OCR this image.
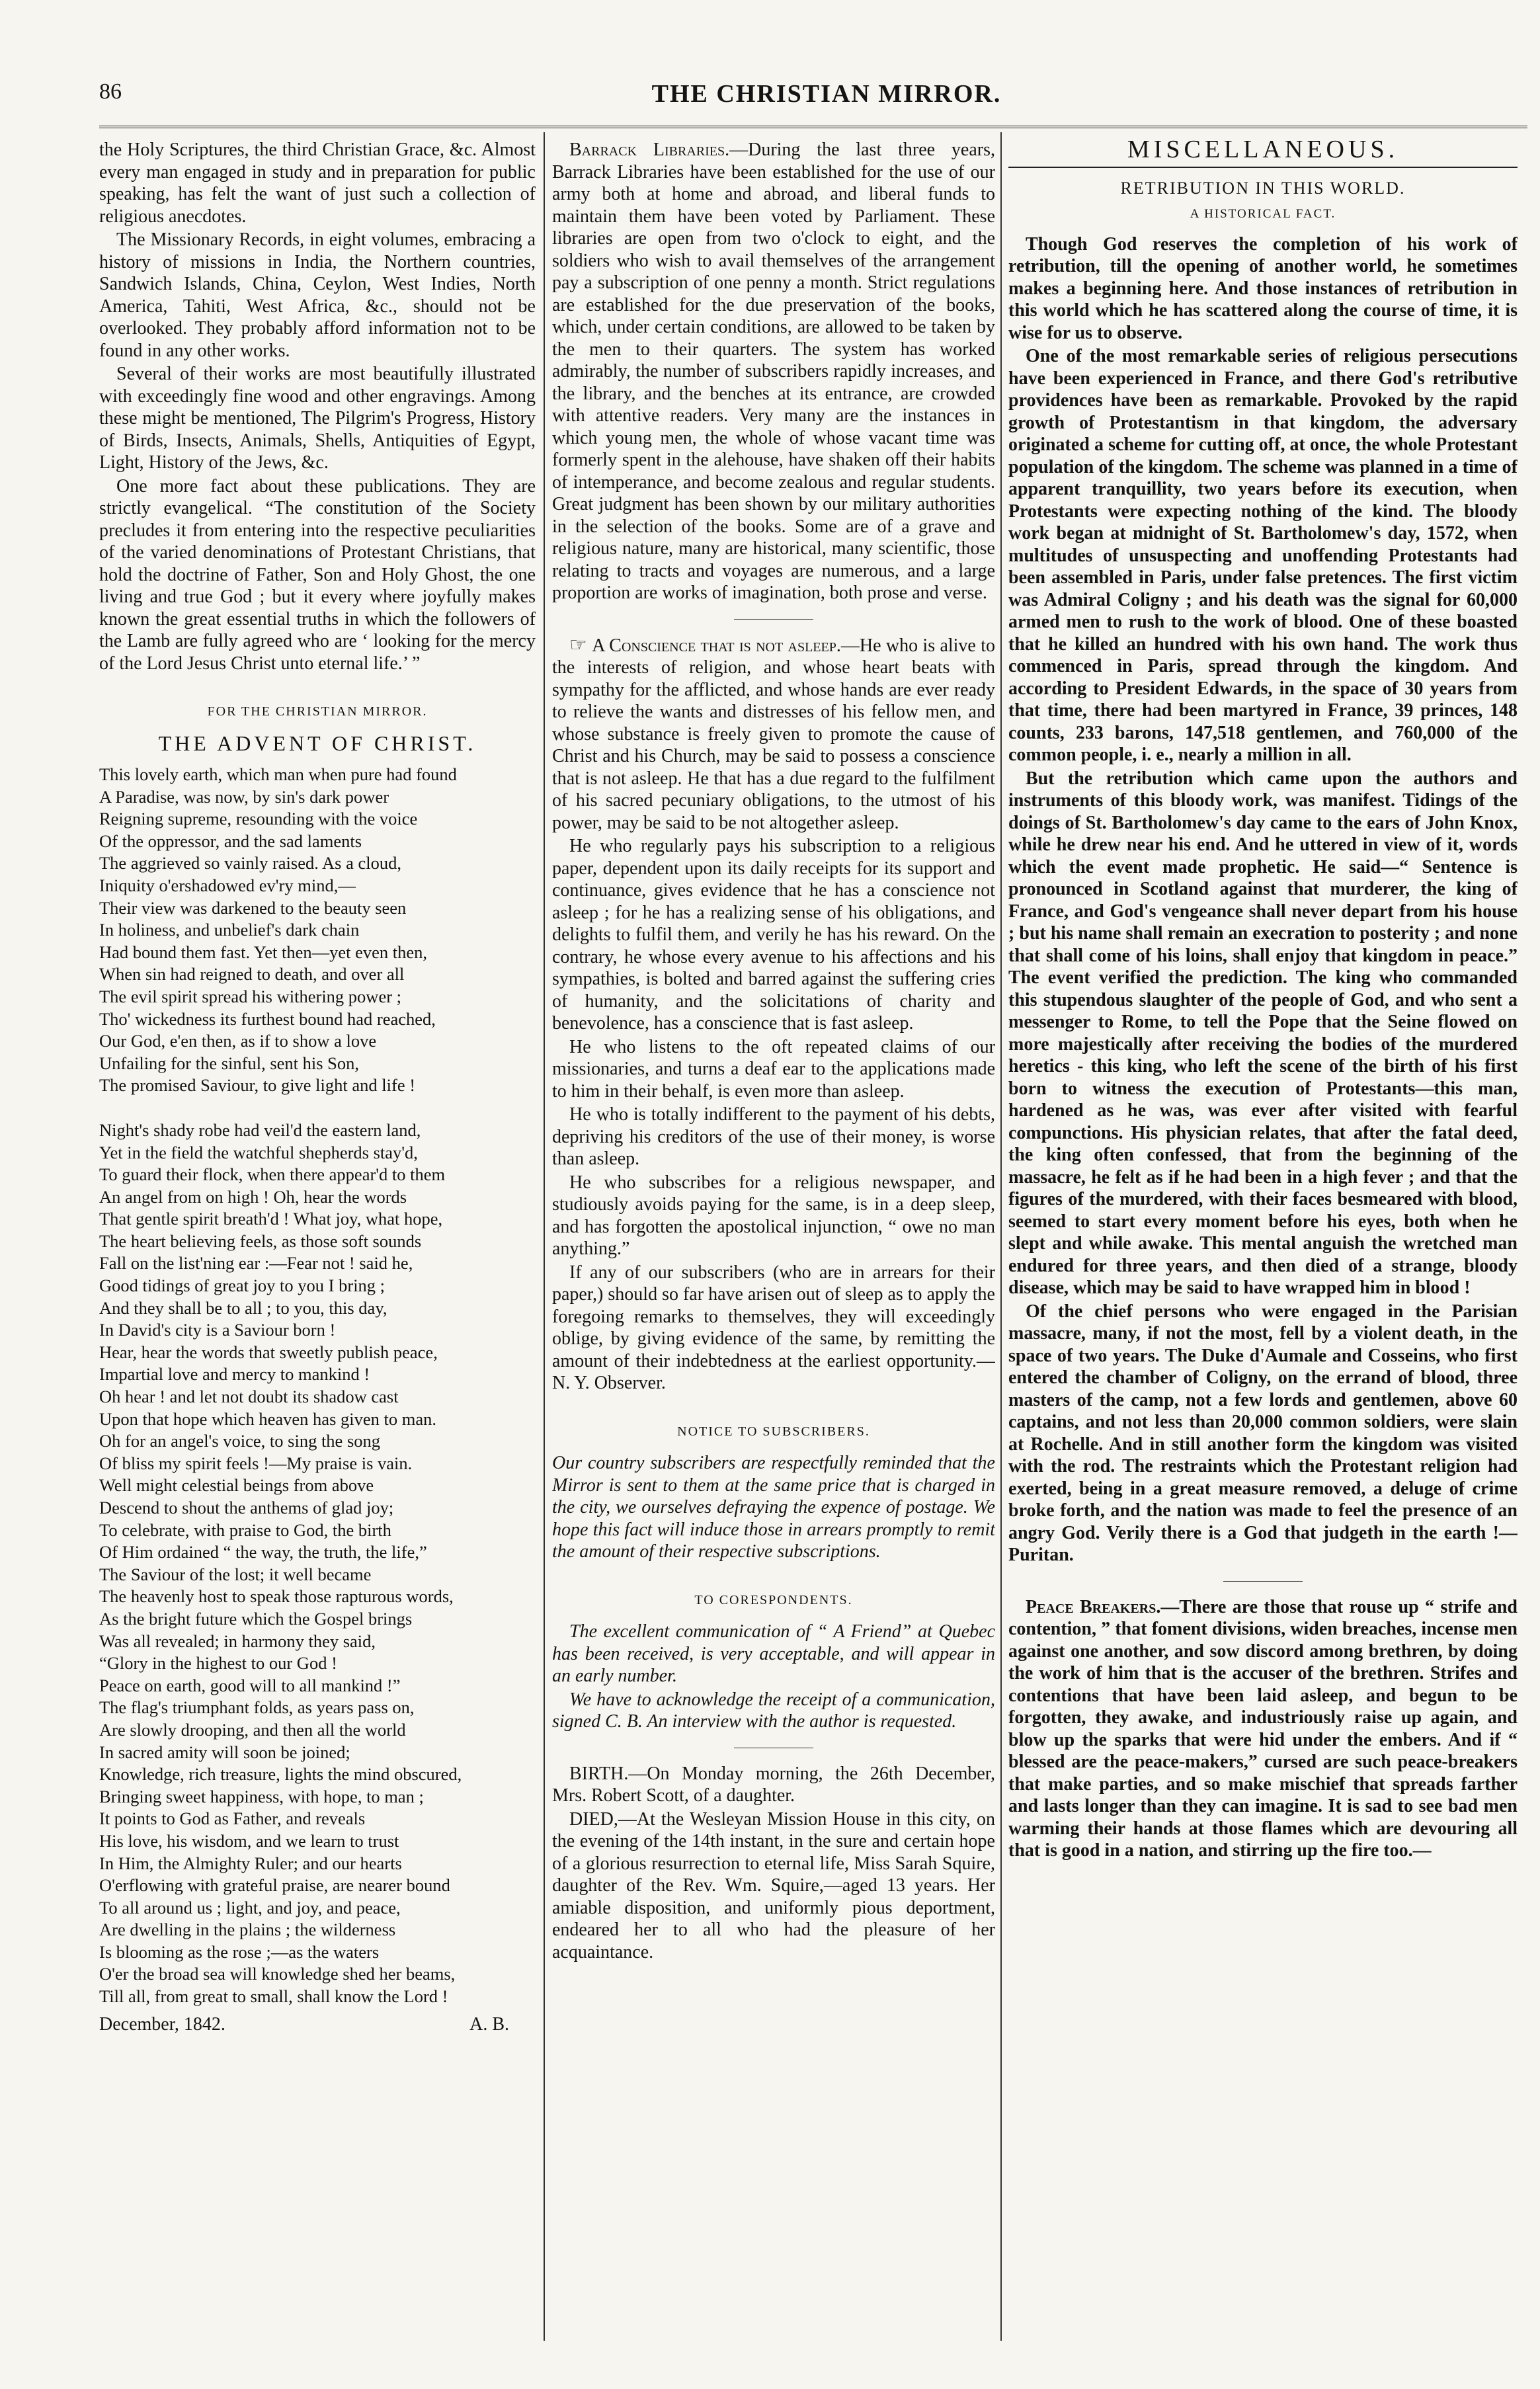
86	THE CHRISTIAN MIRROR.

the Holy Scriptures, the third Christian Grace, &c. Almost every man engaged in study and in preparation for public speaking, has felt the want of just such a collection of religious anecdotes.

The Missionary Records, in eight volumes, embracing a history of missions in India, the Northern countries, Sandwich Islands, China, Ceylon, West Indies, North America, Tahiti, West Africa, &c., should not be overlooked. They probably afford information not to be found in any other works.

Several of their works are most beautifully illustrated with exceedingly fine wood and other engravings. Among these might be mentioned, The Pilgrim's Progress, History of Birds, Insects, Animals, Shells, Antiquities of Egypt, Light, History of the Jews, &c.

One more fact about these publications. They are strictly evangelical. “The constitution of the Society precludes it from entering into the respective peculiarities of the varied denominations of Protestant Christians, that hold the doctrine of Father, Son and Holy Ghost, the one living and true God ; but it every where joyfully makes known the great essential truths in which the followers of the Lamb are fully agreed who are ‘ looking for the mercy of the Lord Jesus Christ unto eternal life.’ ”

FOR THE CHRISTIAN MIRROR.
THE ADVENT OF CHRIST.
This lovely earth, which man when pure had found
A Paradise, was now, by sin's dark power
Reigning supreme, resounding with the voice
Of the oppressor, and the sad laments
The aggrieved so vainly raised. As a cloud,
Iniquity o'ershadowed ev'ry mind,—
Their view was darkened to the beauty seen
In holiness, and unbelief's dark chain
Had bound them fast. Yet then—yet even then,
When sin had reigned to death, and over all
The evil spirit spread his withering power ;
Tho' wickedness its furthest bound had reached,
Our God, e'en then, as if to show a love
Unfailing for the sinful, sent his Son,
The promised Saviour, to give light and life !
Night's shady robe had veil'd the eastern land,
Yet in the field the watchful shepherds stay'd,
To guard their flock, when there appear'd to them
An angel from on high ! Oh, hear the words
That gentle spirit breath'd ! What joy, what hope,
The heart believing feels, as those soft sounds
Fall on the list'ning ear :—Fear not ! said he,
Good tidings of great joy to you I bring ;
And they shall be to all ; to you, this day,
In David's city is a Saviour born !
Hear, hear the words that sweetly publish peace,
Impartial love and mercy to mankind !
Oh hear ! and let not doubt its shadow cast
Upon that hope which heaven has given to man.
Oh for an angel's voice, to sing the song
Of bliss my spirit feels !—My praise is vain.
Well might celestial beings from above
Descend to shout the anthems of glad joy;
To celebrate, with praise to God, the birth
Of Him ordained “ the way, the truth, the life,”
The Saviour of the lost; it well became
The heavenly host to speak those rapturous words,
As the bright future which the Gospel brings
Was all revealed; in harmony they said,
“Glory in the highest to our God !
Peace on earth, good will to all mankind !”
The flag's triumphant folds, as years pass on,
Are slowly drooping, and then all the world
In sacred amity will soon be joined;
Knowledge, rich treasure, lights the mind obscured,
Bringing sweet happiness, with hope, to man ;
It points to God as Father, and reveals
His love, his wisdom, and we learn to trust
In Him, the Almighty Ruler; and our hearts
O'erflowing with grateful praise, are nearer bound
To all around us ; light, and joy, and peace,
Are dwelling in the plains ; the wilderness
Is blooming as the rose ;—as the waters
O'er the broad sea will knowledge shed her beams,
Till all, from great to small, shall know the Lord !
December, 1842.	A. B.

Barrack Libraries.—During the last three years, Barrack Libraries have been established for the use of our army both at home and abroad, and liberal funds to maintain them have been voted by Parliament. These libraries are open from two o'clock to eight, and the soldiers who wish to avail themselves of the arrangement pay a subscription of one penny a month. Strict regulations are established for the due preservation of the books, which, under certain conditions, are allowed to be taken by the men to their quarters. The system has worked admirably, the number of subscribers rapidly increases, and the library, and the benches at its entrance, are crowded with attentive readers. Very many are the instances in which young men, the whole of whose vacant time was formerly spent in the alehouse, have shaken off their habits of intemperance, and become zealous and regular students. Great judgment has been shown by our military authorities in the selection of the books. Some are of a grave and religious nature, many are historical, many scientific, those relating to tracts and voyages are numerous, and a large proportion are works of imagination, both prose and verse.

☞ A Conscience that is not asleep.—He who is alive to the interests of religion, and whose heart beats with sympathy for the afflicted, and whose hands are ever ready to relieve the wants and distresses of his fellow men, and whose substance is freely given to promote the cause of Christ and his Church, may be said to possess a conscience that is not asleep. He that has a due regard to the fulfilment of his sacred pecuniary obligations, to the utmost of his power, may be said to be not altogether asleep.

He who regularly pays his subscription to a religious paper, dependent upon its daily receipts for its support and continuance, gives evidence that he has a conscience not asleep ; for he has a realizing sense of his obligations, and delights to fulfil them, and verily he has his reward. On the contrary, he whose every avenue to his affections and his sympathies, is bolted and barred against the suffering cries of humanity, and the solicitations of charity and benevolence, has a conscience that is fast asleep.

He who listens to the oft repeated claims of our missionaries, and turns a deaf ear to the applications made to him in their behalf, is even more than asleep.

He who is totally indifferent to the payment of his debts, depriving his creditors of the use of their money, is worse than asleep.

He who subscribes for a religious newspaper, and studiously avoids paying for the same, is in a deep sleep, and has forgotten the apostolical injunction, “ owe no man anything.”

If any of our subscribers (who are in arrears for their paper,) should so far have arisen out of sleep as to apply the foregoing remarks to themselves, they will exceedingly oblige, by giving evidence of the same, by remitting the amount of their indebtedness at the earliest opportunity.—N. Y. Observer.

NOTICE TO SUBSCRIBERS.

Our country subscribers are respectfully reminded that the Mirror is sent to them at the same price that is charged in the city, we ourselves defraying the expence of postage. We hope this fact will induce those in arrears promptly to remit the amount of their respective subscriptions.

TO CORESPONDENTS.

The excellent communication of “ A Friend” at Quebec has been received, is very acceptable, and will appear in an early number.

We have to acknowledge the receipt of a communication, signed C. B. An interview with the author is requested.

BIRTH.—On Monday morning, the 26th December, Mrs. Robert Scott, of a daughter.

DIED,—At the Wesleyan Mission House in this city, on the evening of the 14th instant, in the sure and certain hope of a glorious resurrection to eternal life, Miss Sarah Squire, daughter of the Rev. Wm. Squire,—aged 13 years. Her amiable disposition, and uniformly pious deportment, endeared her to all who had the pleasure of her acquaintance.

MISCELLANEOUS.
RETRIBUTION IN THIS WORLD.
A HISTORICAL FACT.

Though God reserves the completion of his work of retribution, till the opening of another world, he sometimes makes a beginning here. And those instances of retribution in this world which he has scattered along the course of time, it is wise for us to observe.

One of the most remarkable series of religious persecutions have been experienced in France, and there God's retributive providences have been as remarkable. Provoked by the rapid growth of Protestantism in that kingdom, the adversary originated a scheme for cutting off, at once, the whole Protestant population of the kingdom. The scheme was planned in a time of apparent tranquillity, two years before its execution, when Protestants were expecting nothing of the kind. The bloody work began at midnight of St. Bartholomew's day, 1572, when multitudes of unsuspecting and unoffending Protestants had been assembled in Paris, under false pretences. The first victim was Admiral Coligny ; and his death was the signal for 60,000 armed men to rush to the work of blood. One of these boasted that he killed an hundred with his own hand. The work thus commenced in Paris, spread through the kingdom. And according to President Edwards, in the space of 30 years from that time, there had been martyred in France, 39 princes, 148 counts, 233 barons, 147,518 gentlemen, and 760,000 of the common people, i. e., nearly a million in all.

But the retribution which came upon the authors and instruments of this bloody work, was manifest. Tidings of the doings of St. Bartholomew's day came to the ears of John Knox, while he drew near his end. And he uttered in view of it, words which the event made prophetic. He said—“ Sentence is pronounced in Scotland against that murderer, the king of France, and God's vengeance shall never depart from his house ; but his name shall remain an execration to posterity ; and none that shall come of his loins, shall enjoy that kingdom in peace.” The event verified the prediction. The king who commanded this stupendous slaughter of the people of God, and who sent a messenger to Rome, to tell the Pope that the Seine flowed on more majestically after receiving the bodies of the murdered heretics - this king, who left the scene of the birth of his first born to witness the execution of Protestants—this man, hardened as he was, was ever after visited with fearful compunctions. His physician relates, that after the fatal deed, the king often confessed, that from the beginning of the massacre, he felt as if he had been in a high fever ; and that the figures of the murdered, with their faces besmeared with blood, seemed to start every moment before his eyes, both when he slept and while awake. This mental anguish the wretched man endured for three years, and then died of a strange, bloody disease, which may be said to have wrapped him in blood !

Of the chief persons who were engaged in the Parisian massacre, many, if not the most, fell by a violent death, in the space of two years. The Duke d'Aumale and Cosseins, who first entered the chamber of Coligny, on the errand of blood, three masters of the camp, not a few lords and gentlemen, above 60 captains, and not less than 20,000 common soldiers, were slain at Rochelle. And in still another form the kingdom was visited with the rod. The restraints which the Protestant religion had exerted, being in a great measure removed, a deluge of crime broke forth, and the nation was made to feel the presence of an angry God. Verily there is a God that judgeth in the earth !—Puritan.

Peace Breakers.—There are those that rouse up “ strife and contention, ” that foment divisions, widen breaches, incense men against one another, and sow discord among brethren, by doing the work of him that is the accuser of the brethren. Strifes and contentions that have been laid asleep, and begun to be forgotten, they awake, and industriously raise up again, and blow up the sparks that were hid under the embers. And if “ blessed are the peace-makers,” cursed are such peace-breakers that make parties, and so make mischief that spreads farther and lasts longer than they can imagine. It is sad to see bad men warming their hands at those flames which are devouring all that is good in a nation, and stirring up the fire too.—
